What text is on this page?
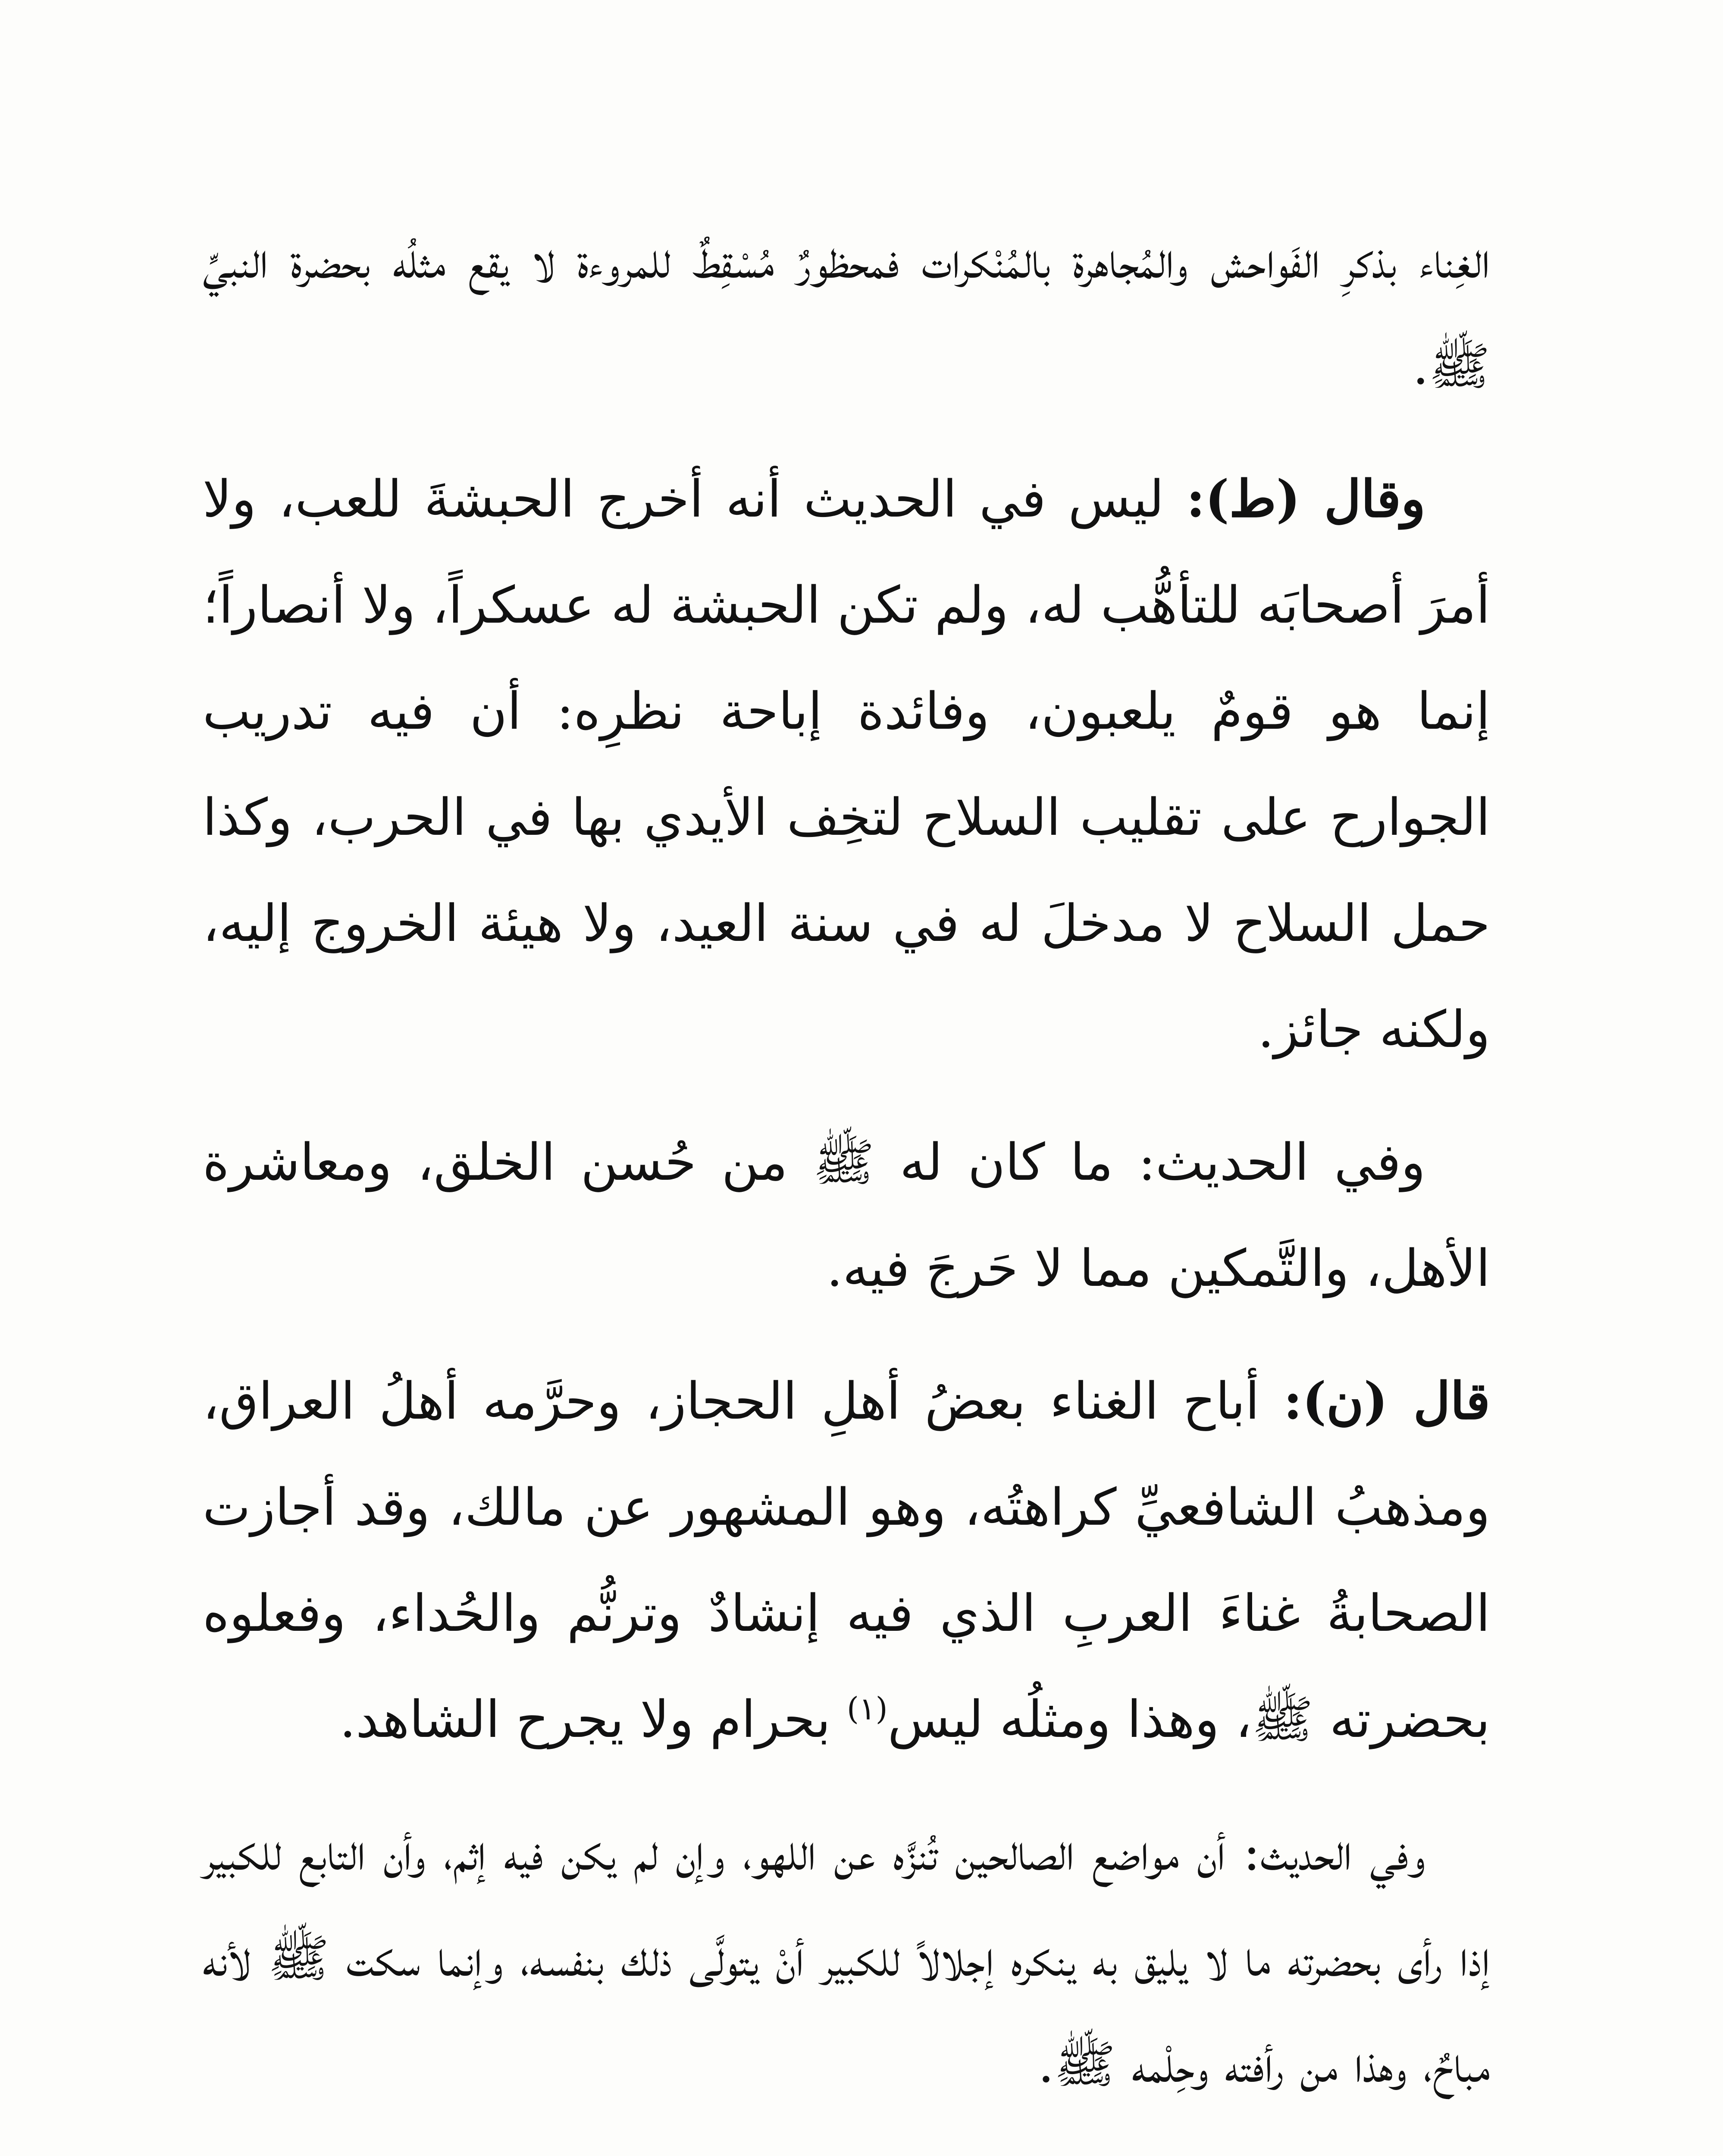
الغِناء بذكرِ الفَواحش والمُجاهرة بالمُنْكرات فمحظورٌ مُسْقِطٌ للمروءة لا يقع مثلُه بحضرة النبيِّ ﷺ.

وقال (ط): ليس في الحديث أنه أخرج الحبشةَ للعب، ولا أمرَ أصحابَه للتأهُّب له، ولم تكن الحبشة له عسكراً، ولا أنصاراً؛ إنما هو قومٌ يلعبون، وفائدة إباحة نظرِه: أن فيه تدريب الجوارح على تقليب السلاح لتخِف الأيدي بها في الحرب، وكذا حمل السلاح لا مدخلَ له في سنة العيد، ولا هيئة الخروج إليه، ولكنه جائز.

وفي الحديث: ما كان له ﷺ من حُسن الخلق، ومعاشرة الأهل، والتَّمكين مما لا حَرجَ فيه.

قال (ن): أباح الغناء بعضُ أهلِ الحجاز، وحرَّمه أهلُ العراق، ومذهبُ الشافعيِّ كراهتُه، وهو المشهور عن مالك، وقد أجازت الصحابةُ غناءَ العربِ الذي فيه إنشادٌ وترنُّم والحُداء، وفعلوه بحضرته ﷺ، وهذا ومثلُه ليس$^{(١)}$ بحرام ولا يجرح الشاهد.

وفي الحديث: أن مواضع الصالحين تُنزَّه عن اللهو، وإن لم يكن فيه إثم، وأن التابع للكبير إذا رأى بحضرته ما لا يليق به ينكره إجلالاً للكبير أنْ يتولَّى ذلك بنفسه، وإنما سكت ﷺ لأنه مباحٌ، وهذا من رأفته وحِلْمه ﷺ.
